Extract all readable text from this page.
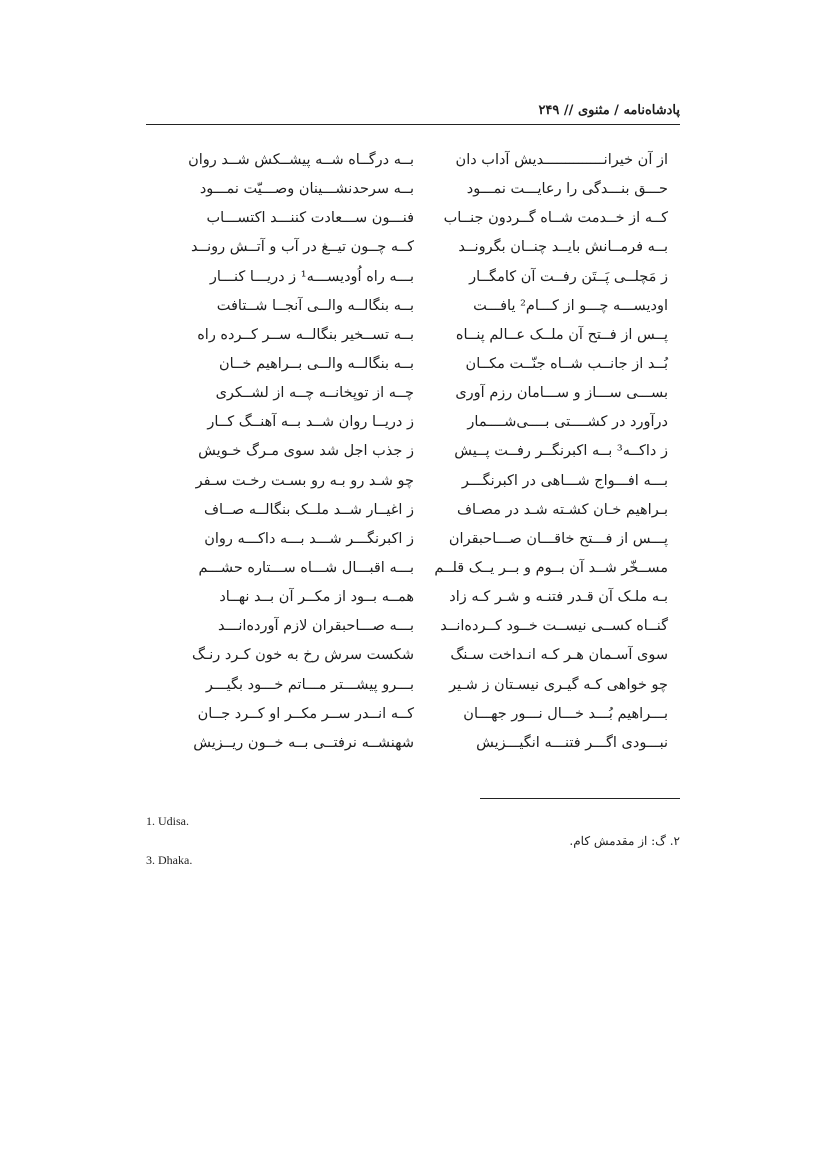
پادشاه‌نامه / مثنوی // ۲۴۹
از آن خیرانــــــــــــــدیش آداب دان
بــه درگــاه شــه پیشــکش شــد روان
حـــق بنـــدگی را رعایـــت نمـــود
بــه سرحدنشـــینان وصـــیّت نمـــود
کــه از خــدمت شــاه گــردون جنــاب
فنـــون ســـعادت کننـــد اکتســـاب
بــه فرمــانش بایــد چنــان بگرونــد
کــه چــون تیــغ در آب و آتــش رونــد
ز مَچلــی پَــتَن رفــت آن کامگــار
بـــه راه اُودیســـه¹ ز دریـــا کنـــار
اودیســـه چـــو از کـــام² یافـــت
بــه بنگالــه والــی آنجــا شــتافت
پــس از فــتح آن ملــک عــالم پنــاه
بــه تســخیر بنگالــه ســر کــرده راه
بُــد از جانــب شــاه جنّــت مکــان
بــه بنگالــه والــی بــراهیم خــان
بســـی ســـاز و ســـامان رزم آوری
چــه از توپخانــه چــه از لشــکری
درآورد در کشــــتی بــــی‌شــــمار
ز دریــا روان شــد بــه آهنــگ کــار
ز داکــه³ بــه اکبرنگــر رفــت پــیش
ز جذب اجل شد سوی مـرگ خـویش
بـــه افـــواج شـــاهی در اکبرنگـــر
چو شـد رو بـه رو بسـت رخـت سـفر
بـراهیم خـان کشـته شـد در مصـاف
ز اغیــار شــد ملــک بنگالــه صــاف
پـــس از فـــتح خاقـــان صـــاحبقران
ز اکبرنگـــر شـــد بـــه داکـــه روان
مســخّر شــد آن بــوم و بــر یــک قلــم
بـــه اقبـــال شـــاه ســـتاره حشـــم
بـه ملـک آن قـدر فتنـه و شـر کـه زاد
همــه بــود از مکــر آن بــد نهــاد
گنــاه کســی نیســت خــود کــرده‌انــد
بـــه صـــاحبقران لازم آورده‌انـــد
سوی آسـمان هـر کـه انـداخت سـنگ
شکست سرش رخ به خون کـرد رنـگ
چو خواهی کـه گیـری نیسـتان ز شـیر
بـــرو پیشـــتر مـــاتم خـــود بگیـــر
بـــراهیم بُـــد خـــال نـــور جهـــان
کــه انــدر ســر مکــر او کــرد جــان
نبـــودی اگـــر فتنـــه انگیـــزیش
شهنشــه نرفتــی بــه خــون ریــزیش
1. Udisa.
۲. گ: از مقدمش کام.
3. Dhaka.
